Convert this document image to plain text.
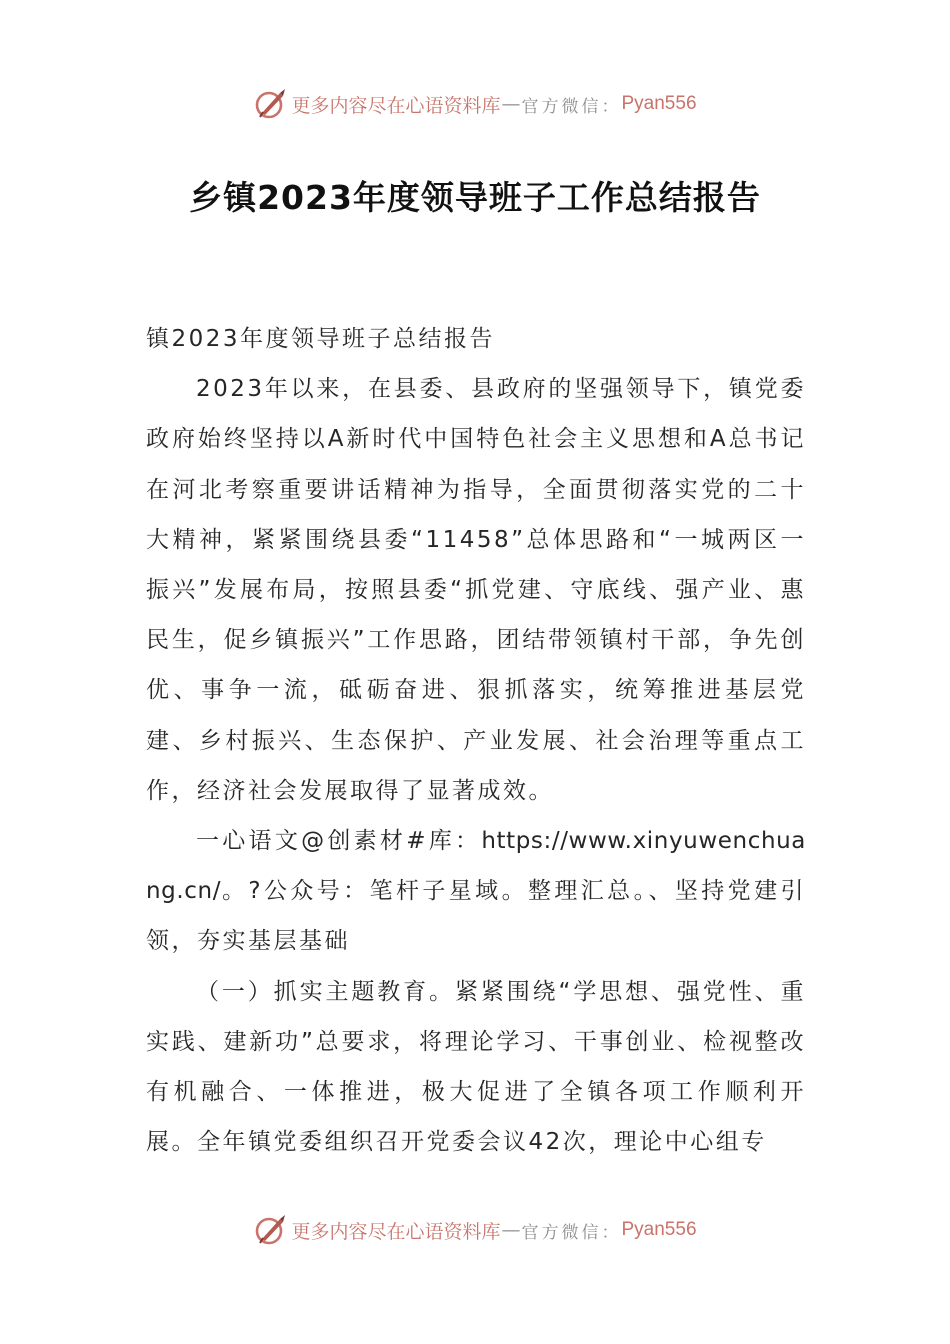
更多内容尽在心语资料库 — 官方微信： Pyan556
乡镇2023年度领导班子工作总结报告

镇2023年度领导班子总结报告

2023年以来，在县委、县政府的坚强领导下，镇党委政府始终坚持以A新时代中国特色社会主义思想和A总书记在河北考察重要讲话精神为指导，全面贯彻落实党的二十大精神，紧紧围绕县委“11458”总体思路和“一城两区一振兴”发展布局，按照县委“抓党建、守底线、强产业、惠民生，促乡镇振兴”工作思路，团结带领镇村干部，争先创优、事争一流，砥砺奋进、狠抓落实，统筹推进基层党建、乡村振兴、生态保护、产业发展、社会治理等重点工作，经济社会发展取得了显著成效。

一心语文@创素材#库：https://www.xinyuwenchuang.cn/。?公众号：笔杆子星域。整理汇总。、坚持党建引领，夯实基层基础

（一）抓实主题教育。紧紧围绕“学思想、强党性、重实践、建新功”总要求，将理论学习、干事创业、检视整改有机融合、一体推进，极大促进了全镇各项工作顺利开展。全年镇党委组织召开党委会议42次，理论中心组专

更多内容尽在心语资料库 — 官方微信： Pyan556
